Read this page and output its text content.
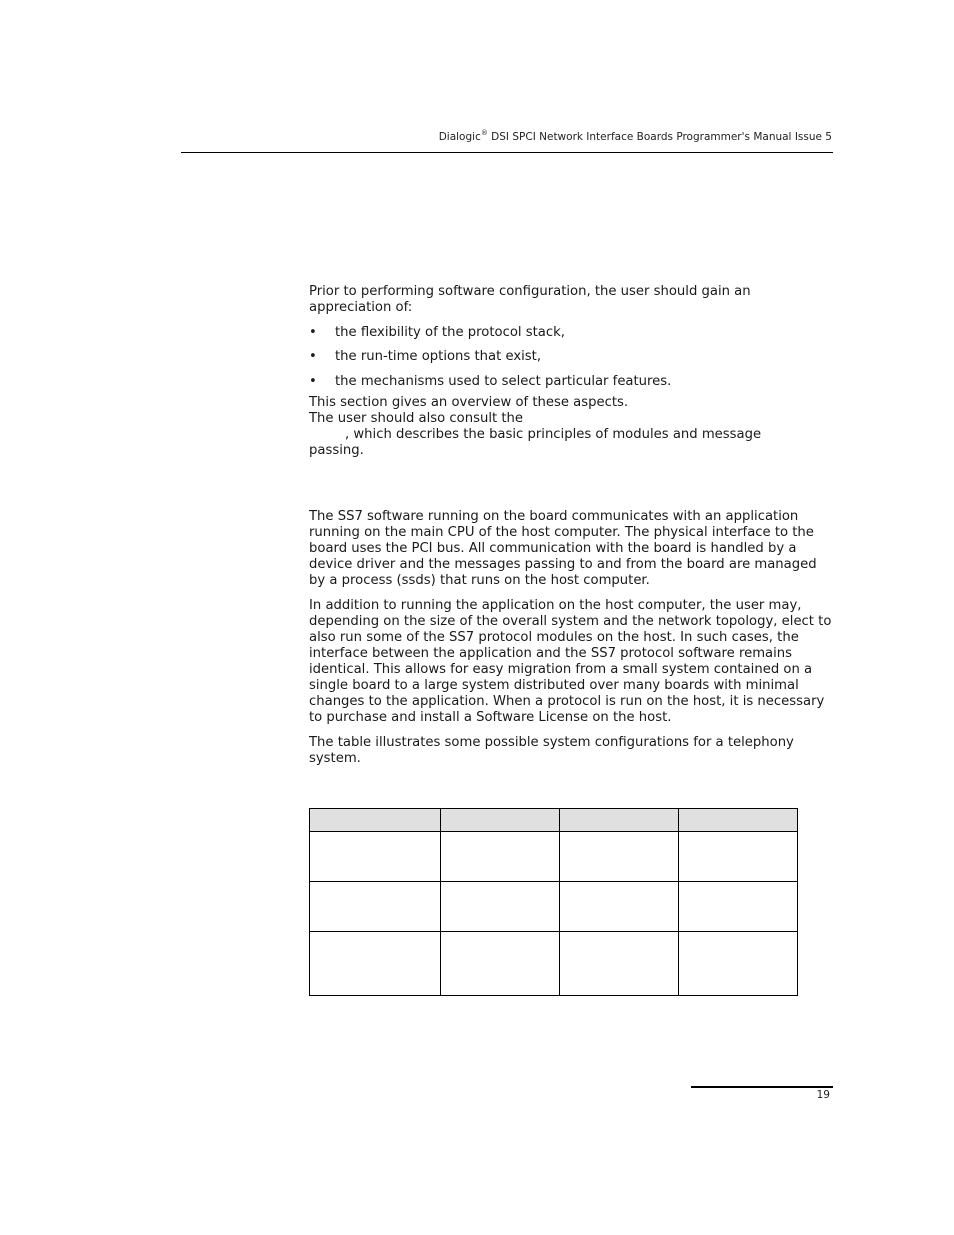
Dialogic® DSI SPCI Network Interface Boards Programmer's Manual Issue 5
Prior to performing software configuration, the user should gain an appreciation of:
• the flexibility of the protocol stack,
• the run-time options that exist,
• the mechanisms used to select particular features.
This section gives an overview of these aspects.
The user should also consult the
, which describes the basic principles of modules and message
passing.
The SS7 software running on the board communicates with an application running on the main CPU of the host computer. The physical interface to the board uses the PCI bus. All communication with the board is handled by a device driver and the messages passing to and from the board are managed by a process (ssds) that runs on the host computer.
In addition to running the application on the host computer, the user may, depending on the size of the overall system and the network topology, elect to also run some of the SS7 protocol modules on the host. In such cases, the interface between the application and the SS7 protocol software remains identical. This allows for easy migration from a small system contained on a single board to a large system distributed over many boards with minimal changes to the application. When a protocol is run on the host, it is necessary to purchase and install a Software License on the host.
The table illustrates some possible system configurations for a telephony system.

19
